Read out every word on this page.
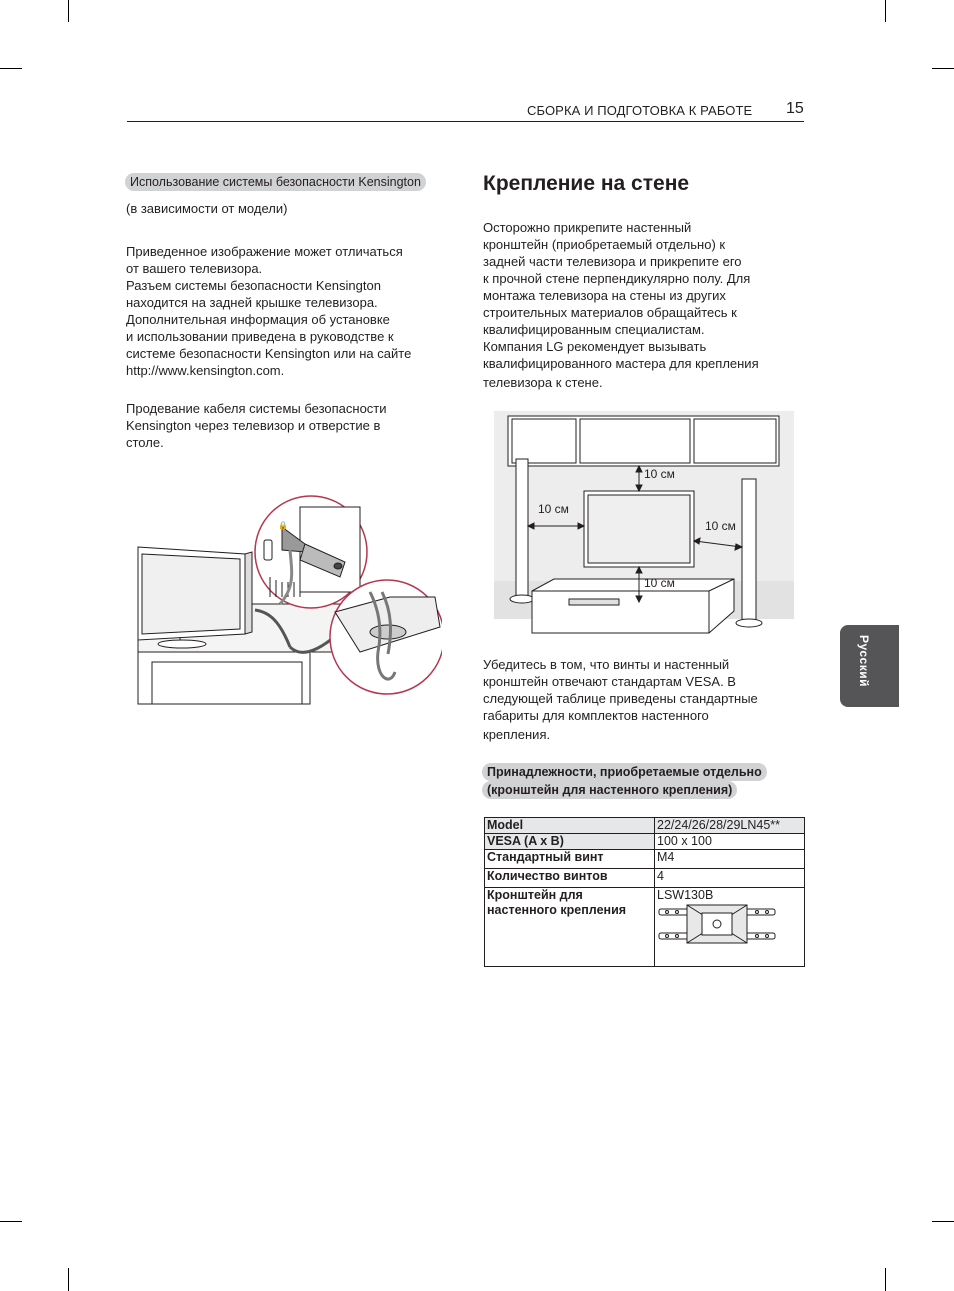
СБОРКА И ПОДГОТОВКА К РАБОТЕ 15
Использование системы безопасности Kensington
(в зависимости от модели)
Приведенное изображение может отличаться
от вашего телевизора.
Разъем системы безопасности Kensington
находится на задней крышке телевизора.
Дополнительная информация об установке
и использовании приведена в руководстве к
системе безопасности Kensington или на сайте
http://www.kensington.com.
Продевание кабеля системы безопасности
Kensington через телевизор и отверстие в
столе.
🔒
Крепление на стене
Осторожно прикрепите настенный
кронштейн (приобретаемый отдельно) к
задней части телевизора и прикрепите его
к прочной стене перпендикулярно полу. Для
монтажа телевизора на стены из других
строительных материалов обращайтесь к
квалифицированным специалистам.
Компания LG рекомендует вызывать
квалифицированного мастера для крепления
телевизора к стене.
10 см
10 см
10 см
10 см
Убедитесь в том, что винты и настенный
кронштейн отвечают стандартам VESA. В
следующей таблице приведены стандартные
габариты для комплектов настенного
крепления.
Принадлежности, приобретаемые отдельно
(кронштейн для настенного крепления)
Model	22/24/26/28/29LN45**
VESA (A x B)	100 x 100
Стандартный винт	M4
Количество винтов	4
Кронштейн для настенного крепления	LSW130B
Русский
